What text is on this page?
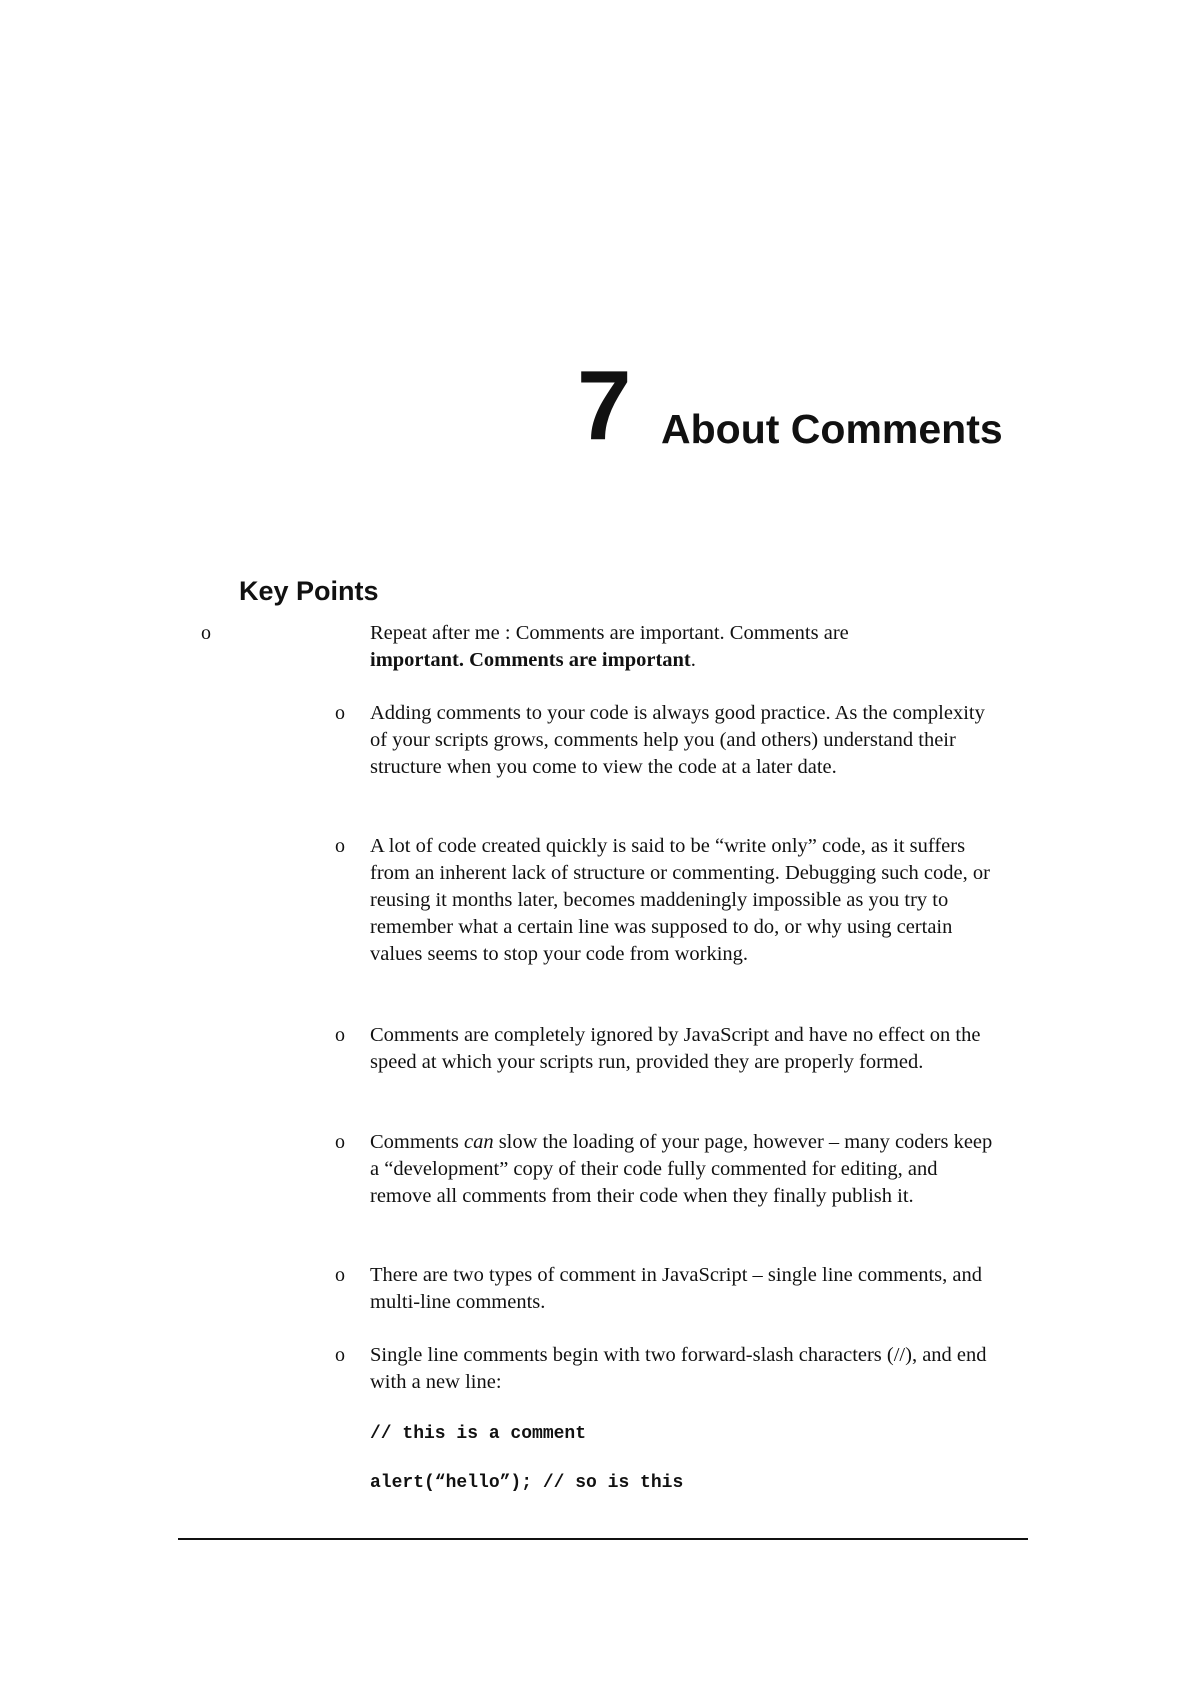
7 About Comments
Key Points
o	Repeat after me : Comments are important. Comments are
important. Comments are important.
o Adding comments to your code is always good practice. As the complexity of your scripts grows, comments help you (and others) understand their structure when you come to view the code at a later date.
o A lot of code created quickly is said to be “write only” code, as it suffers from an inherent lack of structure or commenting. Debugging such code, or reusing it months later, becomes maddeningly impossible as you try to remember what a certain line was supposed to do, or why using certain values seems to stop your code from working.
o Comments are completely ignored by JavaScript and have no effect on the speed at which your scripts run, provided they are properly formed.
o Comments can slow the loading of your page, however – many coders keep a “development” copy of their code fully commented for editing, and remove all comments from their code when they finally publish it.
o There are two types of comment in JavaScript – single line comments, and multi-line comments.
o Single line comments begin with two forward-slash characters (//), and end with a new line:
// this is a comment
alert(“hello”); // so is this
